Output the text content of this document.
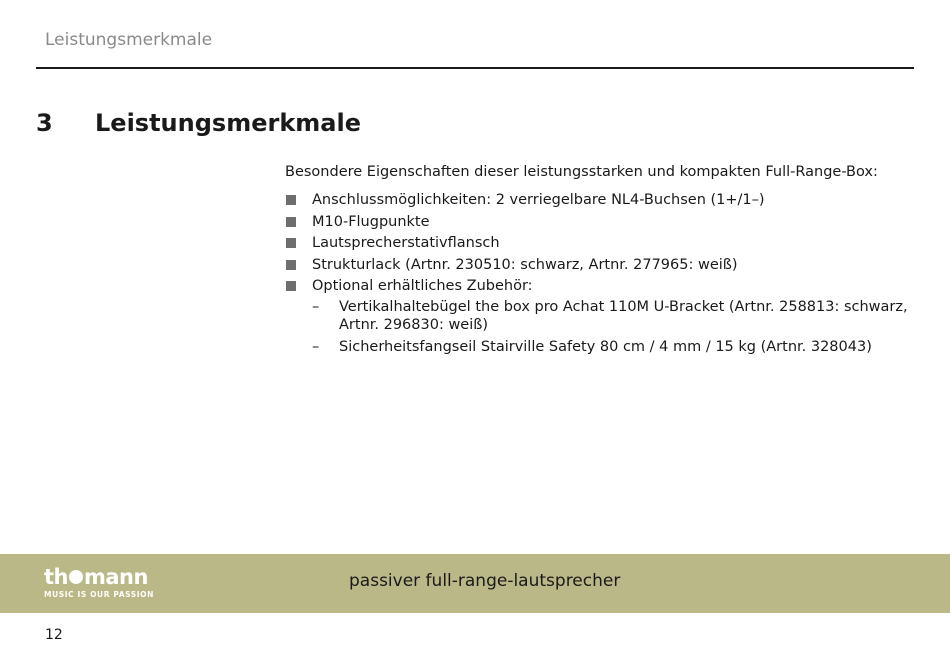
Leistungsmerkmale
3 Leistungsmerkmale

Besondere Eigenschaften dieser leistungsstarken und kompakten Full-Range-Box:

Anschlussmöglichkeiten: 2 verriegelbare NL4-Buchsen (1+/1–)
M10-Flugpunkte
Lautsprecherstativflansch
Strukturlack (Artnr. 230510: schwarz, Artnr. 277965: weiß)
Optional erhältliches Zubehör:
– Vertikalhaltebügel the box pro Achat 110M U-Bracket (Artnr. 258813: schwarz, Artnr. 296830: weiß)
– Sicherheitsfangseil Stairville Safety 80 cm / 4 mm / 15 kg (Artnr. 328043)
th mann
MUSIC IS OUR PASSION
passiver full-range-lautsprecher
12
